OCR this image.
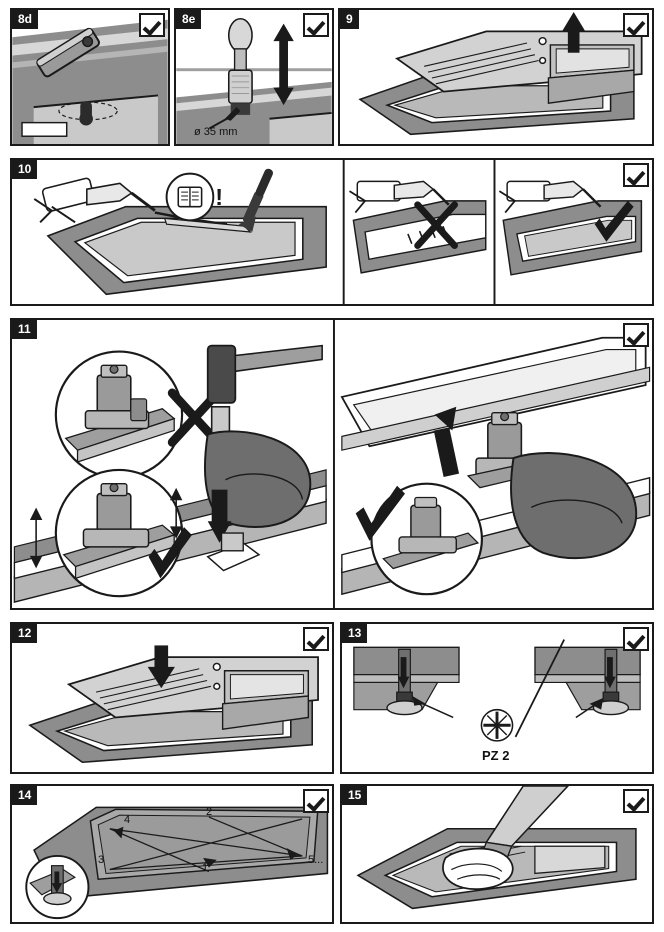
8d	8e
ø 35 mm
9
10
!
11
12	13
PZ 2
14
2
4
1
3	5...
15
